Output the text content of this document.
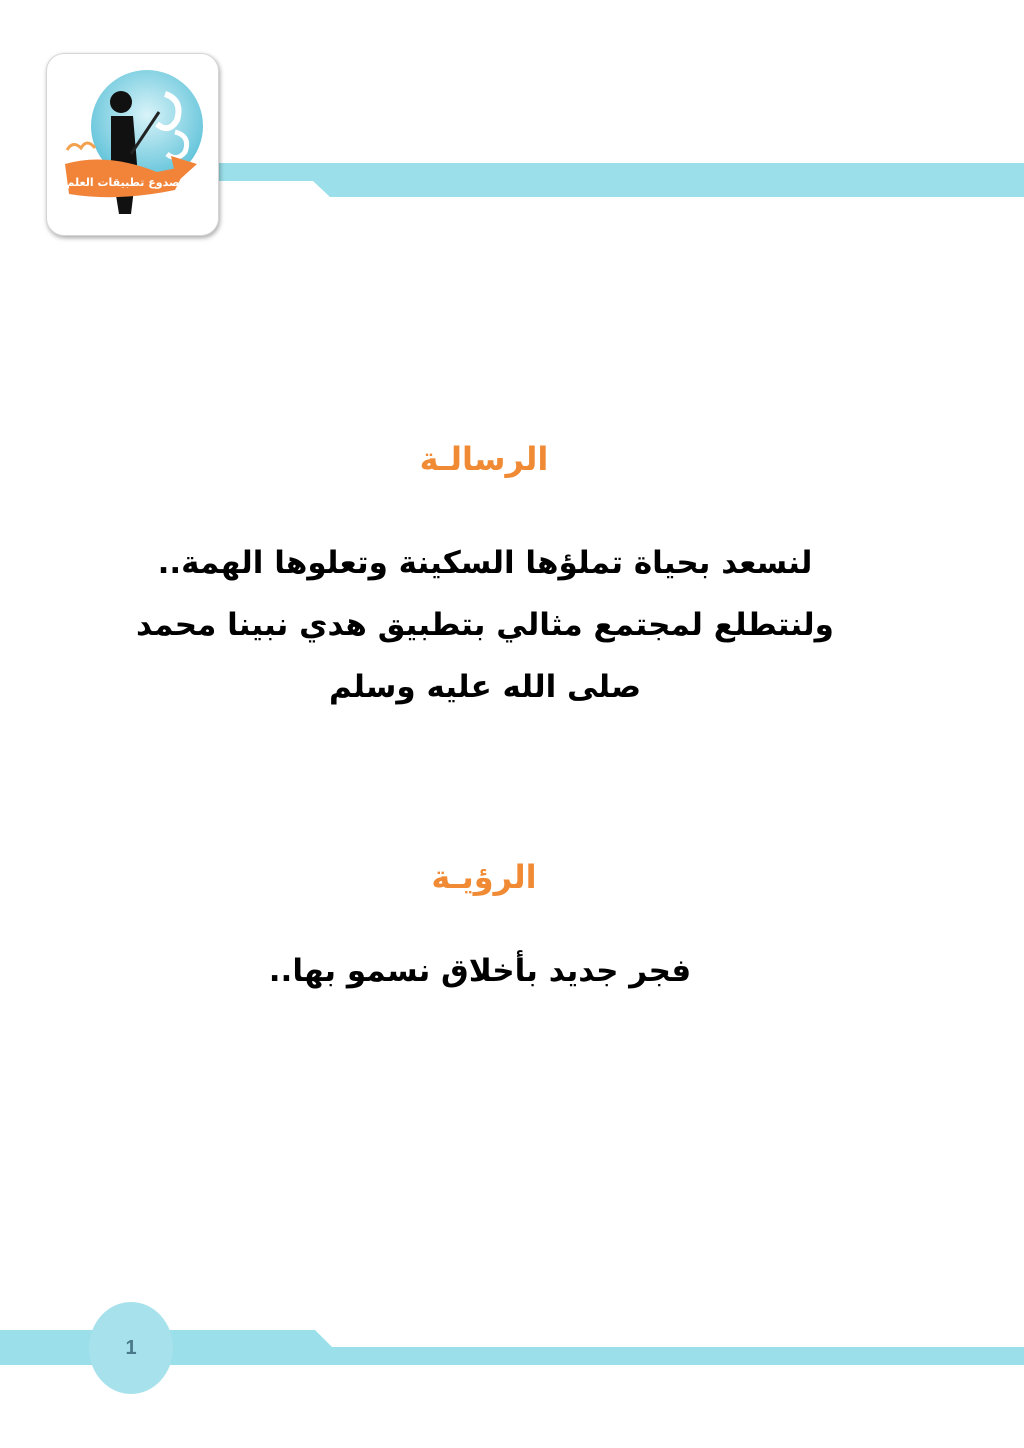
صدوع تطبيقات العلم
الرسالـة
لنسعد بحياة تملؤها السكينة وتعلوها الهمة..
ولنتطلع لمجتمع مثالي بتطبيق هدي نبينا محمد
صلى الله عليه وسلم
الرؤيـة
فجر جديد بأخلاق نسمو بها..
1
